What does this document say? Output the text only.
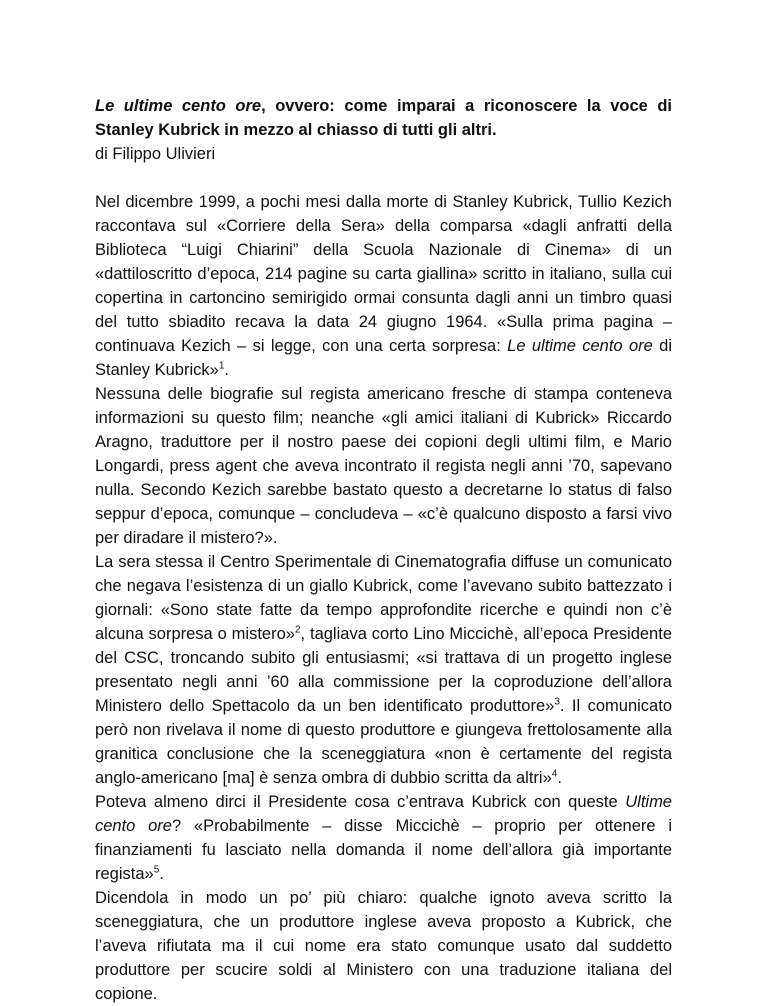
Le ultime cento ore, ovvero: come imparai a riconoscere la voce di Stanley Kubrick in mezzo al chiasso di tutti gli altri.

di Filippo Ulivieri

Nel dicembre 1999, a pochi mesi dalla morte di Stanley Kubrick, Tullio Kezich raccontava sul «Corriere della Sera» della comparsa «dagli anfratti della Biblioteca “Luigi Chiarini” della Scuola Nazionale di Cinema» di un «dattiloscritto d’epoca, 214 pagine su carta giallina» scritto in italiano, sulla cui copertina in cartoncino semirigido ormai consunta dagli anni un timbro quasi del tutto sbiadito recava la data 24 giugno 1964. «Sulla prima pagina – continuava Kezich – si legge, con una certa sorpresa: Le ultime cento ore di Stanley Kubrick»$^1$.

Nessuna delle biografie sul regista americano fresche di stampa conteneva informazioni su questo film; neanche «gli amici italiani di Kubrick» Riccardo Aragno, traduttore per il nostro paese dei copioni degli ultimi film, e Mario Longardi, press agent che aveva incontrato il regista negli anni ’70, sapevano nulla. Secondo Kezich sarebbe bastato questo a decretarne lo status di falso seppur d’epoca, comunque – concludeva – «c’è qualcuno disposto a farsi vivo per diradare il mistero?».

La sera stessa il Centro Sperimentale di Cinematografia diffuse un comunicato che negava l’esistenza di un giallo Kubrick, come l’avevano subito battezzato i giornali: «Sono state fatte da tempo approfondite ricerche e quindi non c’è alcuna sorpresa o mistero»$^2$, tagliava corto Lino Miccichè, all’epoca Presidente del CSC, troncando subito gli entusiasmi; «si trattava di un progetto inglese presentato negli anni ’60 alla commissione per la coproduzione dell’allora Ministero dello Spettacolo da un ben identificato produttore»$^3$. Il comunicato però non rivelava il nome di questo produttore e giungeva frettolosamente alla granitica conclusione che la sceneggiatura «non è certamente del regista anglo-americano [ma] è senza ombra di dubbio scritta da altri»$^4$.

Poteva almeno dirci il Presidente cosa c’entrava Kubrick con queste Ultime cento ore? «Probabilmente – disse Miccichè – proprio per ottenere i finanziamenti fu lasciato nella domanda il nome dell’allora già importante regista»$^5$.

Dicendola in modo un po’ più chiaro: qualche ignoto aveva scritto la sceneggiatura, che un produttore inglese aveva proposto a Kubrick, che l’aveva rifiutata ma il cui nome era stato comunque usato dal suddetto produttore per scucire soldi al Ministero con una traduzione italiana del copione.
